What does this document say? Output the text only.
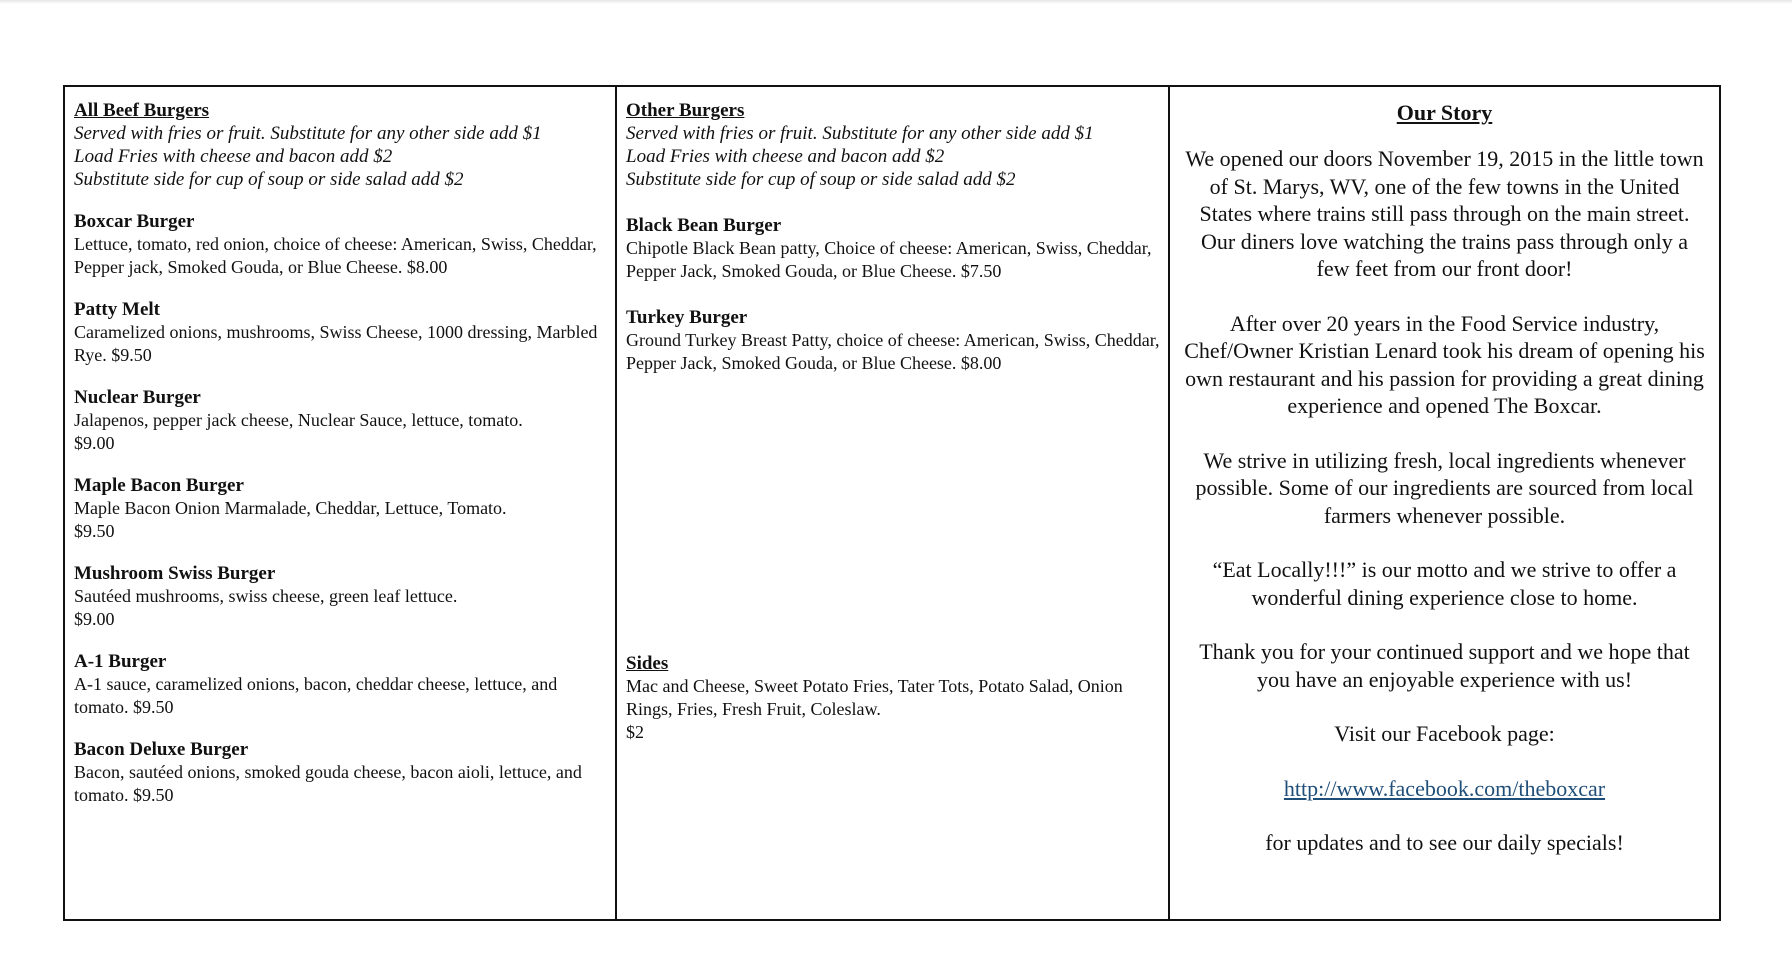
All Beef Burgers

Served with fries or fruit. Substitute for any other side add $1

Load Fries with cheese and bacon add $2

Substitute side for cup of soup or side salad add $2

Boxcar Burger

Lettuce, tomato, red onion, choice of cheese: American, Swiss, Cheddar, Pepper jack, Smoked Gouda, or Blue Cheese. $8.00

Patty Melt

Caramelized onions, mushrooms, Swiss Cheese, 1000 dressing, Marbled Rye. $9.50

Nuclear Burger

Jalapenos, pepper jack cheese, Nuclear Sauce, lettuce, tomato.

$9.00

Maple Bacon Burger

Maple Bacon Onion Marmalade, Cheddar, Lettuce, Tomato.

$9.50

Mushroom Swiss Burger

Sautéed mushrooms, swiss cheese, green leaf lettuce.

$9.00

A-1 Burger

A-1 sauce, caramelized onions, bacon, cheddar cheese, lettuce, and tomato. $9.50

Bacon Deluxe Burger

Bacon, sautéed onions, smoked gouda cheese, bacon aioli, lettuce, and tomato. $9.50

Other Burgers

Served with fries or fruit. Substitute for any other side add $1

Load Fries with cheese and bacon add $2

Substitute side for cup of soup or side salad add $2

Black Bean Burger

Chipotle Black Bean patty, Choice of cheese: American, Swiss, Cheddar, Pepper Jack, Smoked Gouda, or Blue Cheese. $7.50

Turkey Burger

Ground Turkey Breast Patty, choice of cheese: American, Swiss, Cheddar, Pepper Jack, Smoked Gouda, or Blue Cheese. $8.00

Sides

Mac and Cheese, Sweet Potato Fries, Tater Tots, Potato Salad, Onion Rings, Fries, Fresh Fruit, Coleslaw.

$2

Our Story

We opened our doors November 19, 2015 in the little town of St. Marys, WV, one of the few towns in the United States where trains still pass through on the main street. Our diners love watching the trains pass through only a few feet from our front door!

After over 20 years in the Food Service industry, Chef/Owner Kristian Lenard took his dream of opening his own restaurant and his passion for providing a great dining experience and opened The Boxcar.

We strive in utilizing fresh, local ingredients whenever possible. Some of our ingredients are sourced from local farmers whenever possible.

“Eat Locally!!!” is our motto and we strive to offer a wonderful dining experience close to home.

Thank you for your continued support and we hope that you have an enjoyable experience with us!

Visit our Facebook page:

http://www.facebook.com/theboxcar

for updates and to see our daily specials!
